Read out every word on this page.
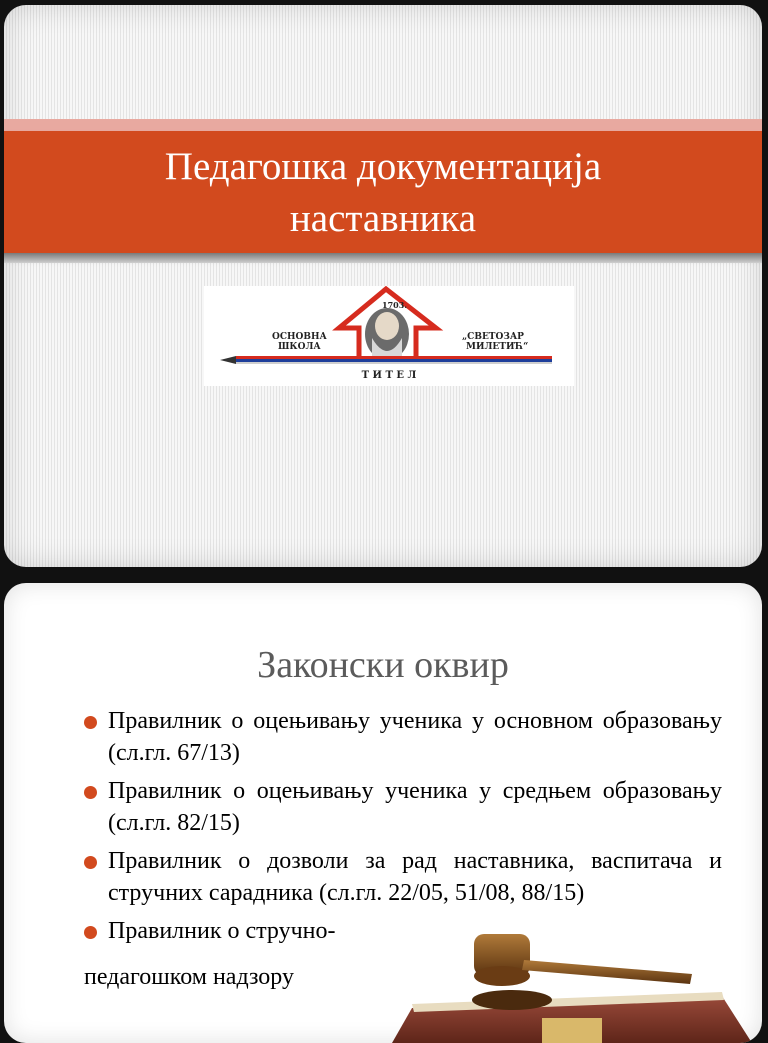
Педагошка документација
наставника
1703.
ОСНОВНА
ШКОЛА
„СВЕТОЗАР
МИЛЕТИЋ“
Т И Т Е Л
Законски оквир
Правилник о оцењивању ученика у основном образовању (сл.гл. 67/13)
Правилник о оцењивању ученика у средњем образовању (сл.гл. 82/15)
Правилник о дозволи за рад наставника, васпитача и стручних сарадника (сл.гл. 22/05, 51/08, 88/15)
Правилник о стручно-
педагошком надзору
